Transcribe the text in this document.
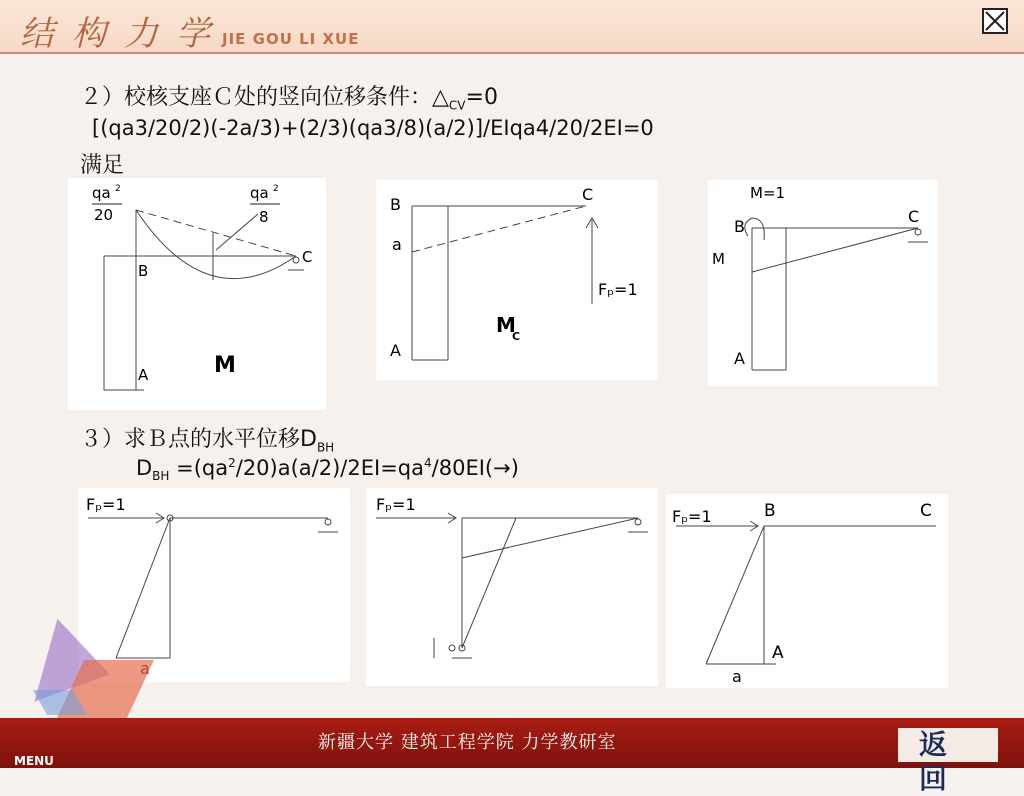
结构力学
JIE GOU LI XUE
２）校核支座Ｃ处的竖向位移条件：$\triangle_{CV}=0$
[(qa3/20/2)(-2a/3)+(2/3)(qa3/8)(a/2)]/EIqa4/20/2EI=0
满足
qa 2
20
qa 2
8
B
C
A	M
B
C
a
A
Fₚ=1
M
C
M=1
B
C
M
A
３）求Ｂ点的水平位移$D_{BH}$
$D_{BH} =(qa^2/20)a(a/2)/2EI=qa^4/80EI(\to)$
Fₚ=1	Fₚ=1
Fₚ=1	B	C
A
a
新疆大学 建筑工程学院 力学教研室
MENU	返回
